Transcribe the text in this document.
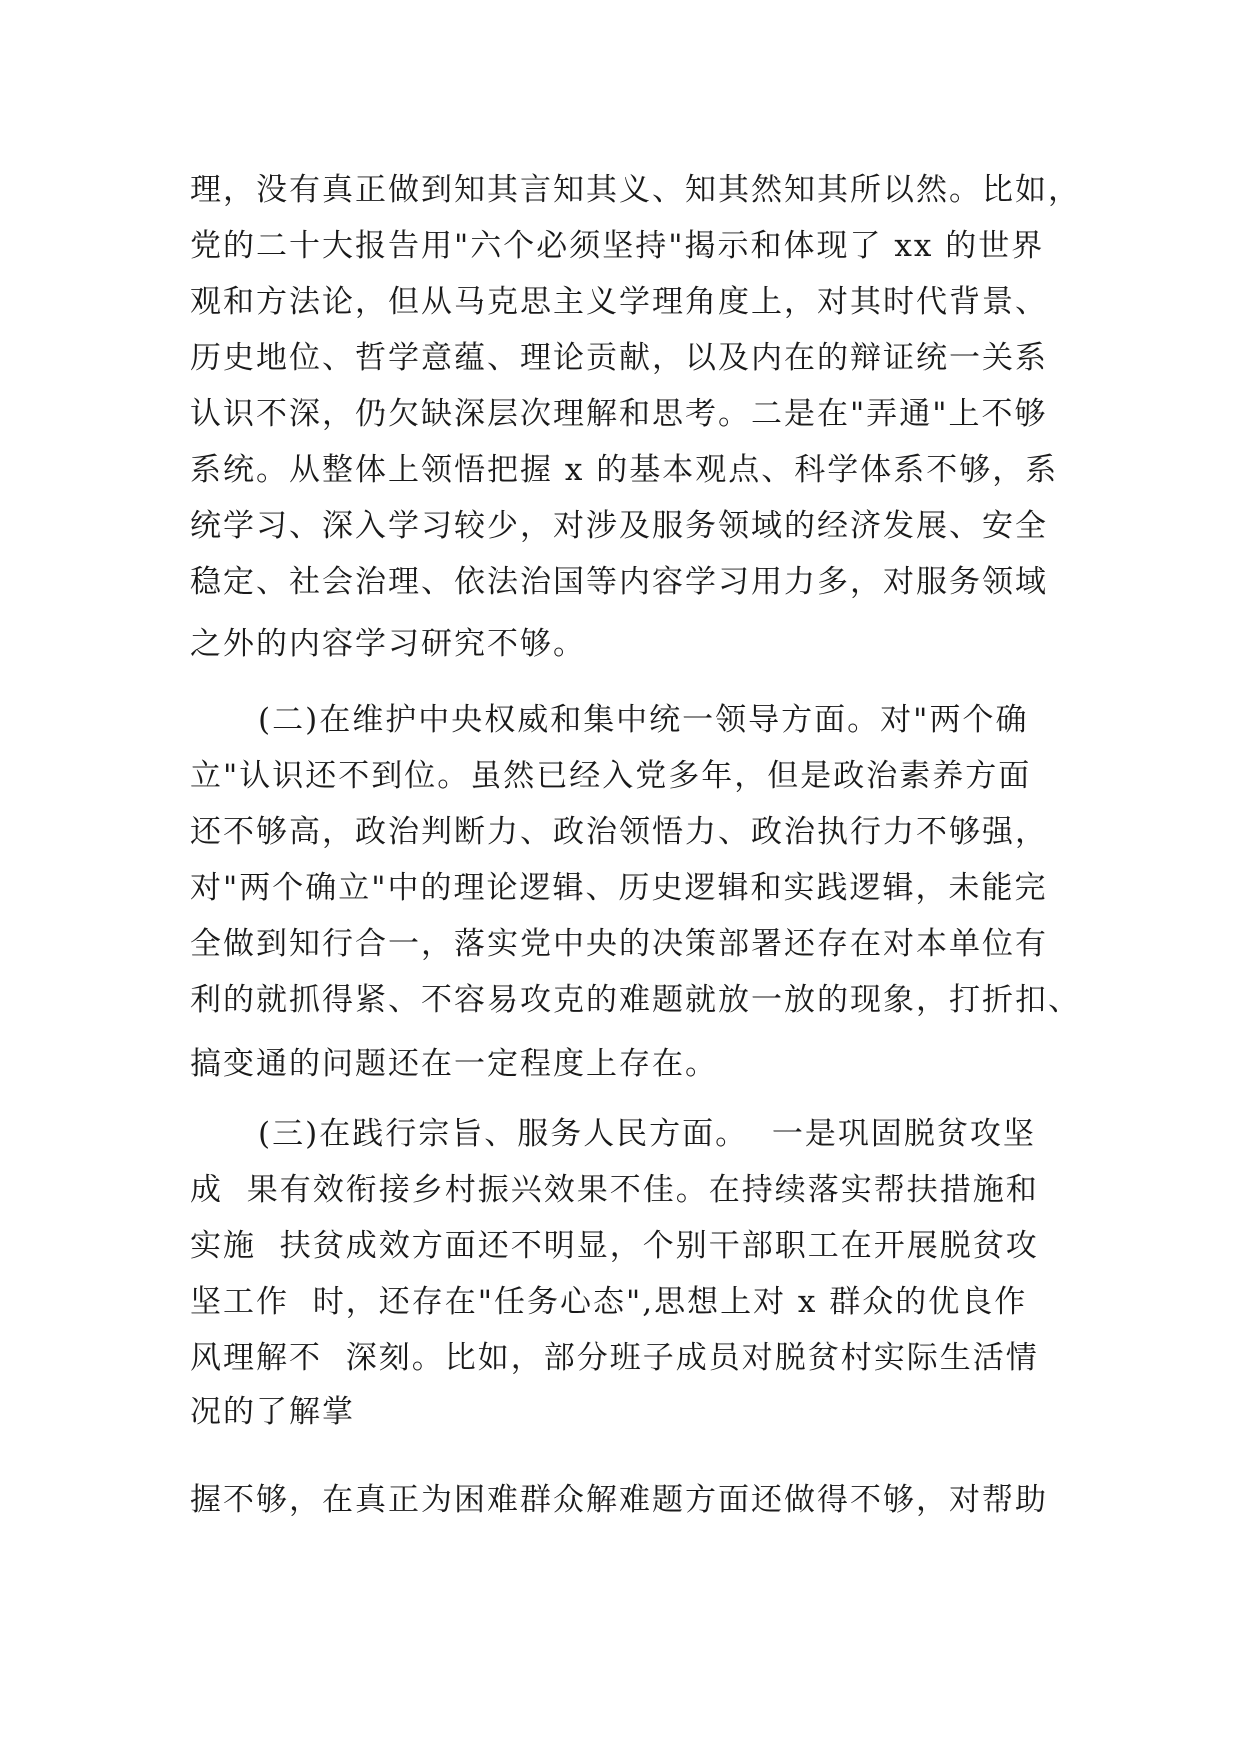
理，没有真正做到知其言知其义、知其然知其所以然。比如，
党的二十大报告用"六个必须坚持"揭示和体现了 xx 的世界
观和方法论，但从马克思主义学理角度上，对其时代背景、
历史地位、哲学意蕴、理论贡献，以及内在的辩证统一关系
认识不深，仍欠缺深层次理解和思考。二是在"弄通"上不够
系统。从整体上领悟把握 x 的基本观点、科学体系不够，系
统学习、深入学习较少，对涉及服务领域的经济发展、安全
稳定、社会治理、依法治国等内容学习用力多，对服务领域
之外的内容学习研究不够。
(二)在维护中央权威和集中统一领导方面。对"两个确
立"认识还不到位。虽然已经入党多年，但是政治素养方面
还不够高，政治判断力、政治领悟力、政治执行力不够强，
对"两个确立"中的理论逻辑、历史逻辑和实践逻辑，未能完
全做到知行合一，落实党中央的决策部署还存在对本单位有
利的就抓得紧、不容易攻克的难题就放一放的现象，打折扣、
搞变通的问题还在一定程度上存在。
(三)在践行宗旨、服务人民方面。  一是巩固脱贫攻坚
成  果有效衔接乡村振兴效果不佳。在持续落实帮扶措施和
实施  扶贫成效方面还不明显，个别干部职工在开展脱贫攻
坚工作  时，还存在"任务心态",思想上对 x 群众的优良作
风理解不  深刻。比如，部分班子成员对脱贫村实际生活情
况的了解掌
握不够，在真正为困难群众解难题方面还做得不够，对帮助
